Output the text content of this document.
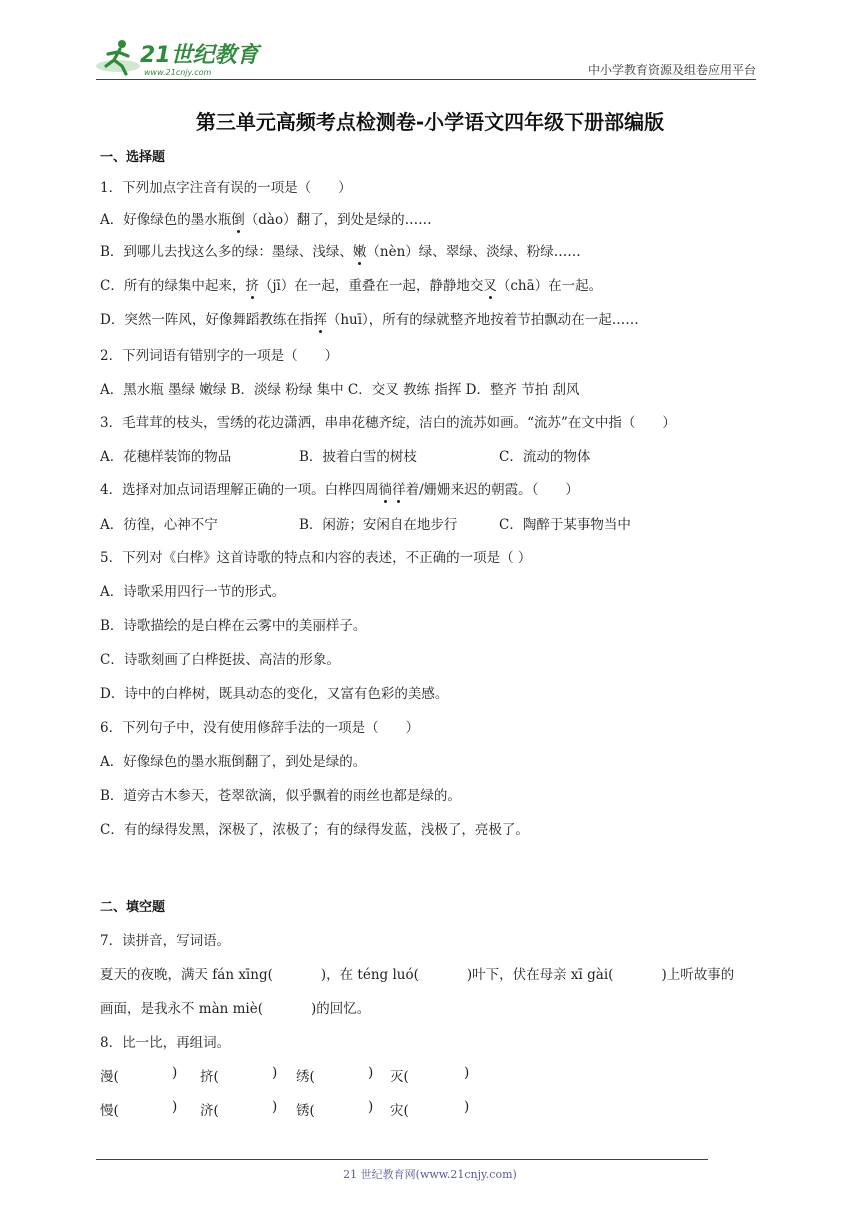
21世纪教育
www.21cnjy.com	中小学教育资源及组卷应用平台
第三单元高频考点检测卷-小学语文四年级下册部编版
一、选择题
1．下列加点字注音有误的一项是（　　）
A．好像绿色的墨水瓶倒（dào）翻了，到处是绿的……
B．到哪儿去找这么多的绿：墨绿、浅绿、嫩（nèn）绿、翠绿、淡绿、粉绿……
C．所有的绿集中起来，挤（jī）在一起，重叠在一起，静静地交叉（chā）在一起。
D．突然一阵风，好像舞蹈教练在指挥（huī），所有的绿就整齐地按着节拍飘动在一起……
2．下列词语有错别字的一项是（　　）
A．黑水瓶 墨绿 嫩绿 B．淡绿 粉绿 集中 C．交叉 教练 指挥 D．整齐 节拍 刮风
3．毛茸茸的枝头，雪绣的花边潇洒，串串花穗齐绽，洁白的流苏如画。“流苏”在文中指（　　）
A．花穗样装饰的物品	B．披着白雪的树枝	C．流动的物体
4．选择对加点词语理解正确的一项。白桦四周徜徉着/姗姗来迟的朝霞。（　　）
A．彷徨，心神不宁	B．闲游；安闲自在地步行	C．陶醉于某事物当中
5．下列对《白桦》这首诗歌的特点和内容的表述，不正确的一项是（ ）
A．诗歌采用四行一节的形式。
B．诗歌描绘的是白桦在云雾中的美丽样子。
C．诗歌刻画了白桦挺拔、高洁的形象。
D．诗中的白桦树，既具动态的变化，又富有色彩的美感。
6．下列句子中，没有使用修辞手法的一项是（　　）
A．好像绿色的墨水瓶倒翻了，到处是绿的。
B．道旁古木参天，苍翠欲滴，似乎飘着的雨丝也都是绿的。
C．有的绿得发黑，深极了，浓极了；有的绿得发蓝，浅极了，亮极了。
二、填空题
7．读拼音，写词语。
夏天的夜晚，满天 fán xīng(	)，在 téng luó(	)叶下，伏在母亲 xī gài(	)上听故事的
画面，是我永不 màn miè(	)的回忆。
8．比一比，再组词。
漫(	) 挤(	) 绣(	) 灭(	)
慢(	) 济(	) 锈(	) 灾(	)
21 世纪教育网(www.21cnjy.com)
